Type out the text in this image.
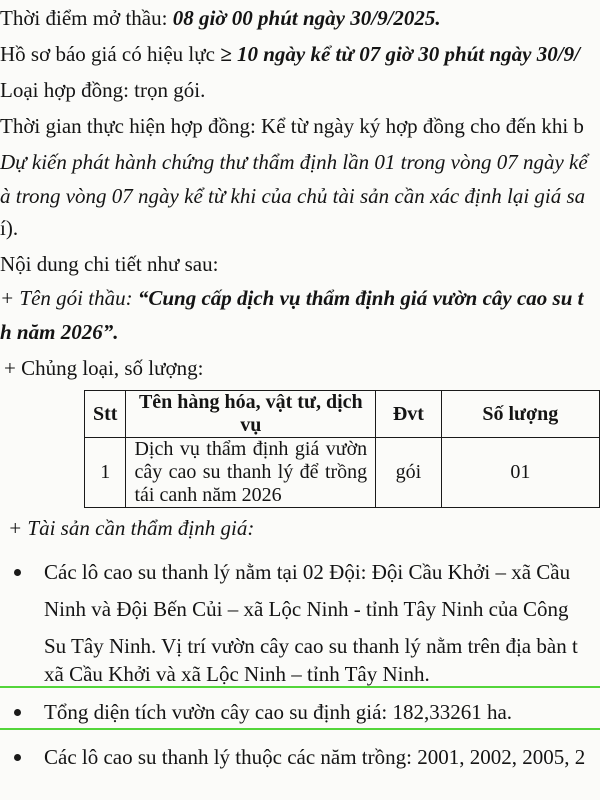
Thời điểm mở thầu: 08 giờ 00 phút ngày 30/9/2025.
Hồ sơ báo giá có hiệu lực ≥ 10 ngày kể từ 07 giờ 30 phút ngày 30/9/
Loại hợp đồng: trọn gói.
Thời gian thực hiện hợp đồng: Kể từ ngày ký hợp đồng cho đến khi b
Dự kiến phát hành chứng thư thẩm định lần 01 trong vòng 07 ngày kể
à trong vòng 07 ngày kể từ khi của chủ tài sản cần xác định lại giá sa
í).
Nội dung chi tiết như sau:
+ Tên gói thầu: “Cung cấp dịch vụ thẩm định giá vườn cây cao su t
h năm 2026”.
+ Chủng loại, số lượng:
Stt	Tên hàng hóa, vật tư, dịch vụ	Đvt	Số lượng
1	Dịch vụ thẩm định giá vườn cây cao su thanh lý để trồng tái canh năm 2026	gói	01
+ Tài sản cần thẩm định giá:
Các lô cao su thanh lý nằm tại 02 Đội: Đội Cầu Khởi – xã Cầu
Ninh và Đội Bến Củi – xã Lộc Ninh - tỉnh Tây Ninh của Công
Su Tây Ninh. Vị trí vườn cây cao su thanh lý nằm trên địa bàn t
xã Cầu Khởi và xã Lộc Ninh – tỉnh Tây Ninh.
Tổng diện tích vườn cây cao su định giá: 182,33261 ha.
Các lô cao su thanh lý thuộc các năm trồng: 2001, 2002, 2005, 2
